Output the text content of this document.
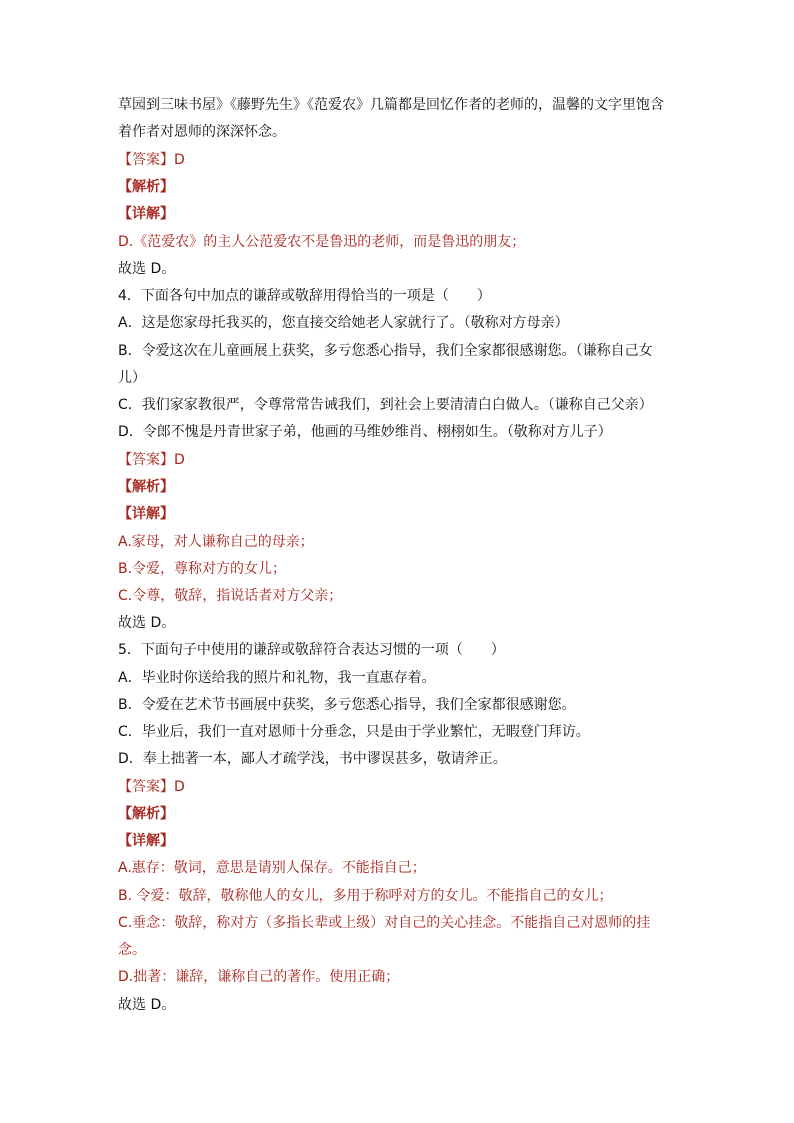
草园到三味书屋》《藤野先生》《范爱农》几篇都是回忆作者的老师的，温馨的文字里饱含
着作者对恩师的深深怀念。
【答案】D
【解析】
【详解】
D.《范爱农》的主人公范爱农不是鲁迅的老师，而是鲁迅的朋友；
故选 D。
4．下面各句中加点的谦辞或敬辞用得恰当的一项是（　　）
A．这是您家母托我买的，您直接交给她老人家就行了。（敬称对方母亲）
B．令爱这次在儿童画展上获奖，多亏您悉心指导，我们全家都很感谢您。（谦称自己女
儿）
C．我们家家教很严，令尊常常告诫我们，到社会上要清清白白做人。（谦称自己父亲）
D．令郎不愧是丹青世家子弟，他画的马维妙维肖、栩栩如生。（敬称对方儿子）
【答案】D
【解析】
【详解】
A.家母，对人谦称自己的母亲；
B.令爱，尊称对方的女儿；
C.令尊，敬辞，指说话者对方父亲；
故选 D。
5．下面句子中使用的谦辞或敬辞符合表达习惯的一项（　　）
A．毕业时你送给我的照片和礼物，我一直惠存着。
B．令爱在艺术节书画展中获奖，多亏您悉心指导，我们全家都很感谢您。
C．毕业后，我们一直对恩师十分垂念，只是由于学业繁忙，无暇登门拜访。
D．奉上拙著一本，鄙人才疏学浅，书中谬误甚多，敬请斧正。
【答案】D
【解析】
【详解】
A.惠存：敬词，意思是请别人保存。不能指自己；
B. 令爱：敬辞，敬称他人的女儿，多用于称呼对方的女儿。不能指自己的女儿；
C.垂念：敬辞，称对方（多指长辈或上级）对自己的关心挂念。不能指自己对恩师的挂
念。
D.拙著：谦辞，谦称自己的著作。使用正确；
故选 D。
